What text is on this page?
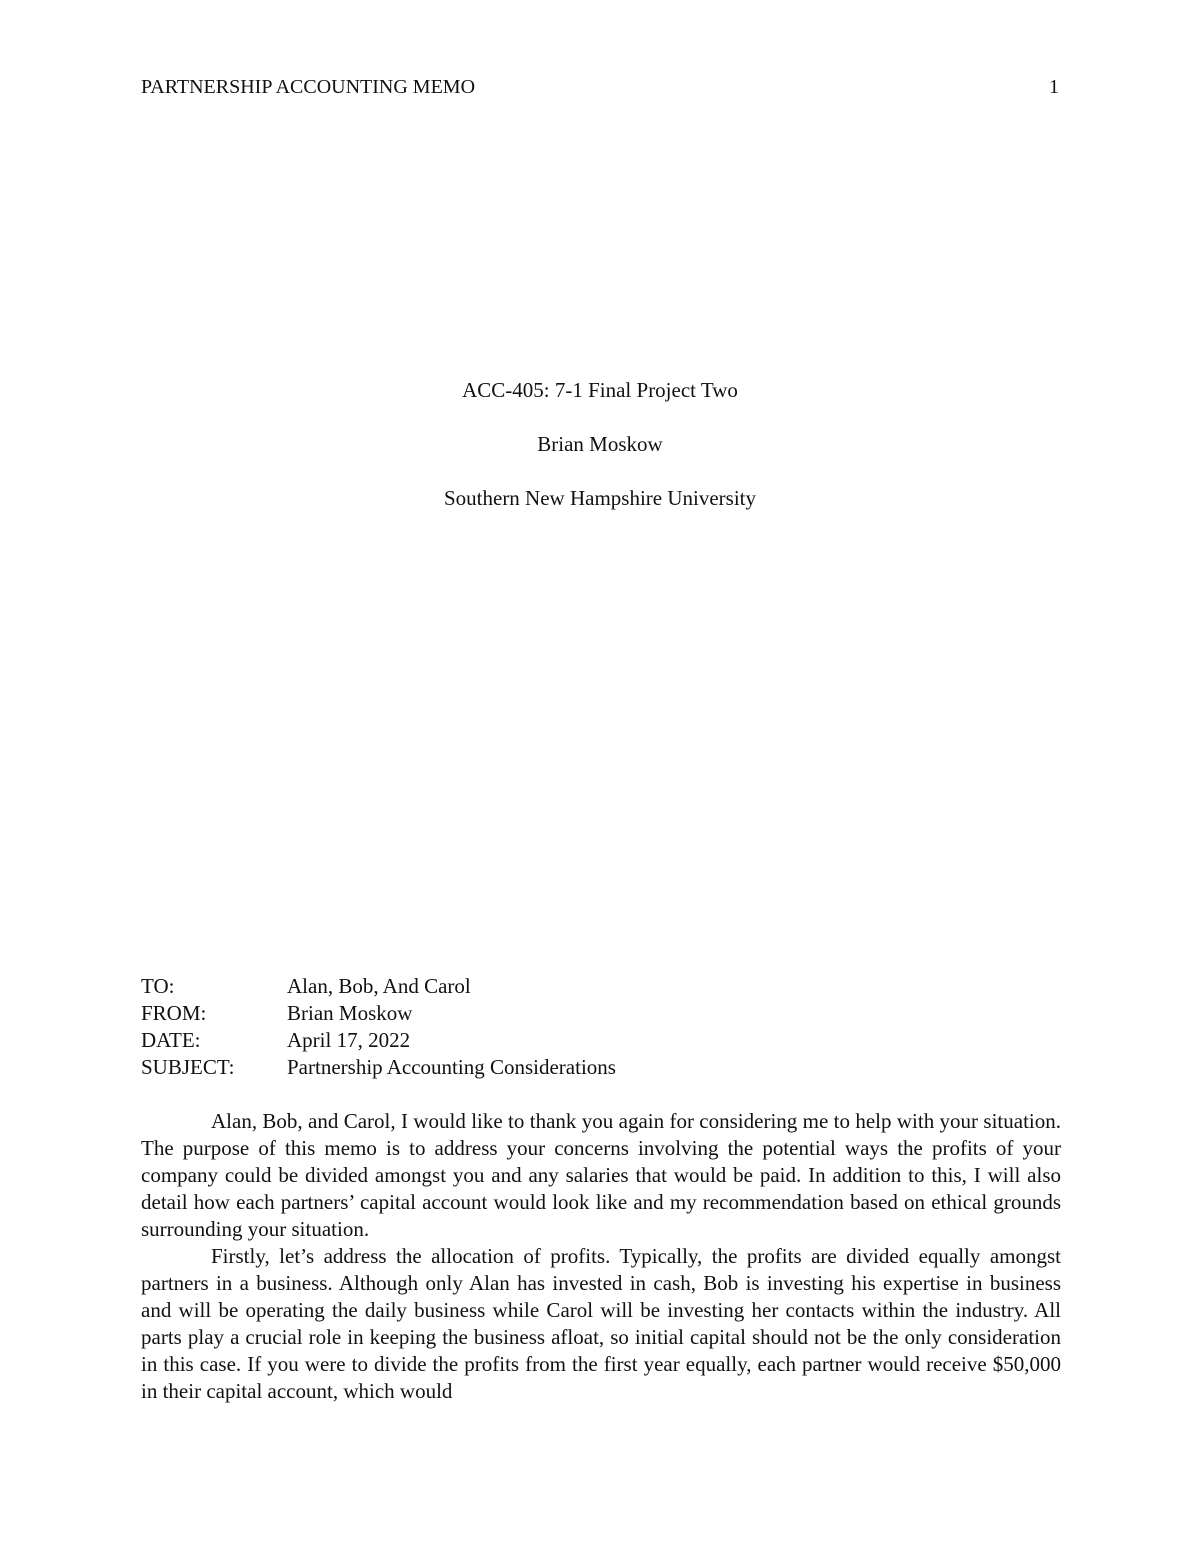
PARTNERSHIP ACCOUNTING MEMO	1
ACC-405: 7-1 Final Project Two
Brian Moskow
Southern New Hampshire University
TO:	Alan, Bob, And Carol
FROM:	Brian Moskow
DATE:	April 17, 2022
SUBJECT:	Partnership Accounting Considerations

Alan, Bob, and Carol, I would like to thank you again for considering me to help with your situation. The purpose of this memo is to address your concerns involving the potential ways the profits of your company could be divided amongst you and any salaries that would be paid. In addition to this, I will also detail how each partners’ capital account would look like and my recommendation based on ethical grounds surrounding your situation.

Firstly, let’s address the allocation of profits. Typically, the profits are divided equally amongst partners in a business. Although only Alan has invested in cash, Bob is investing his expertise in business and will be operating the daily business while Carol will be investing her contacts within the industry. All parts play a crucial role in keeping the business afloat, so initial capital should not be the only consideration in this case. If you were to divide the profits from the first year equally, each partner would receive $50,000 in their capital account, which would
